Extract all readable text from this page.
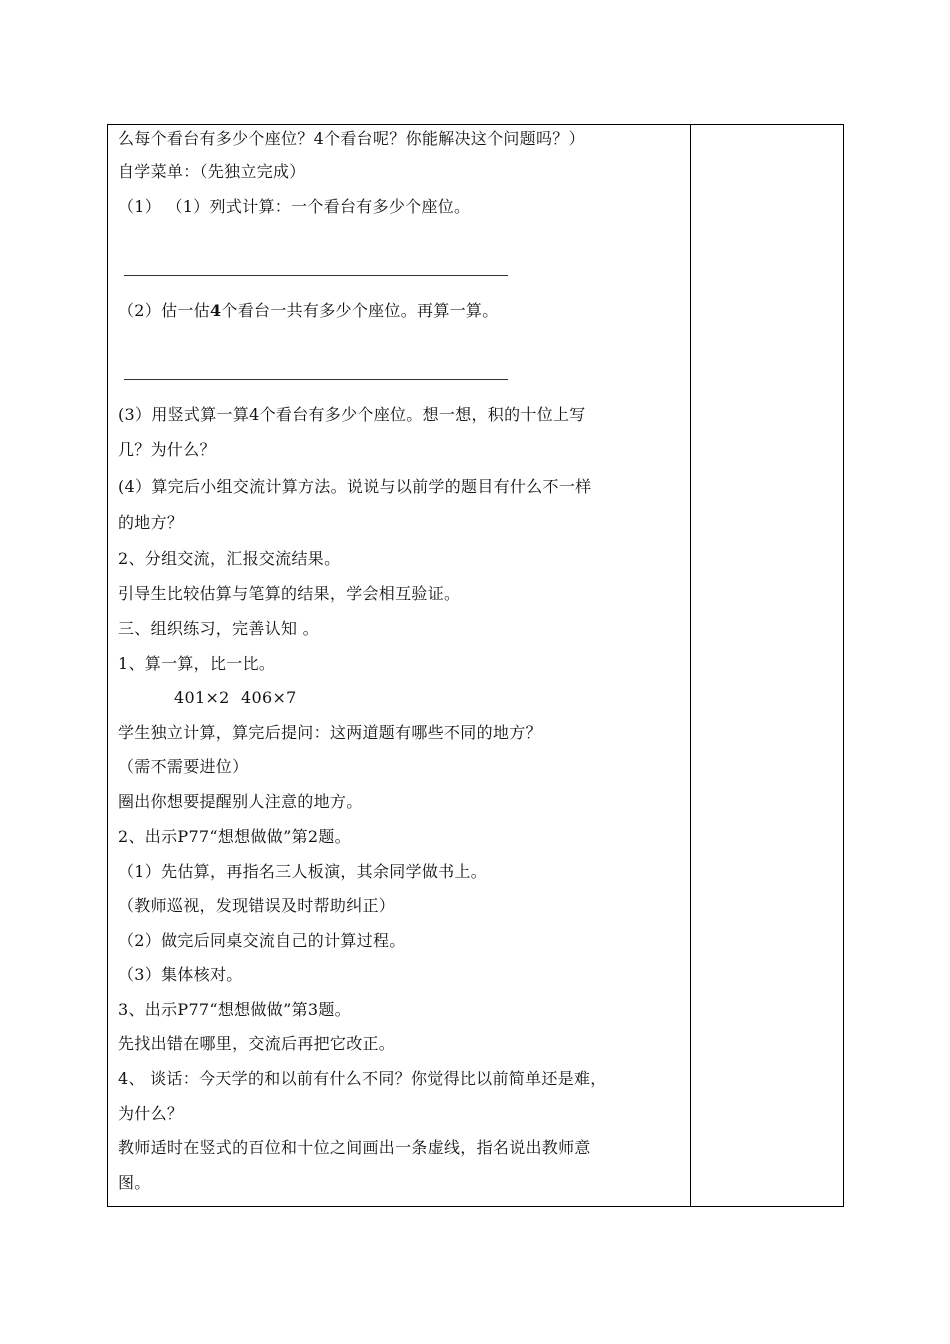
么每个看台有多少个座位？4个看台呢？你能解决这个问题吗？）
自学菜单：（先独立完成）
（1） （1）列式计算：一个看台有多少个座位。
（2）估一估4个看台一共有多少个座位。再算一算。
(3）用竖式算一算4个看台有多少个座位。想一想，积的十位上写
几？为什么？
(4）算完后小组交流计算方法。说说与以前学的题目有什么不一样
的地方？
2、分组交流，汇报交流结果。
引导生比较估算与笔算的结果，学会相互验证。
三、组织练习，完善认知 。
1、算一算，比一比。
401×2 406×7
学生独立计算，算完后提问：这两道题有哪些不同的地方？
（需不需要进位）
圈出你想要提醒别人注意的地方。
2、出示P77“想想做做”第2题。
（1）先估算，再指名三人板演，其余同学做书上。
（教师巡视，发现错误及时帮助纠正）
（2）做完后同桌交流自己的计算过程。
（3）集体核对。
3、出示P77“想想做做”第3题。
先找出错在哪里，交流后再把它改正。
4、 谈话：今天学的和以前有什么不同？你觉得比以前简单还是难，
为什么？
教师适时在竖式的百位和十位之间画出一条虚线，指名说出教师意
图。
